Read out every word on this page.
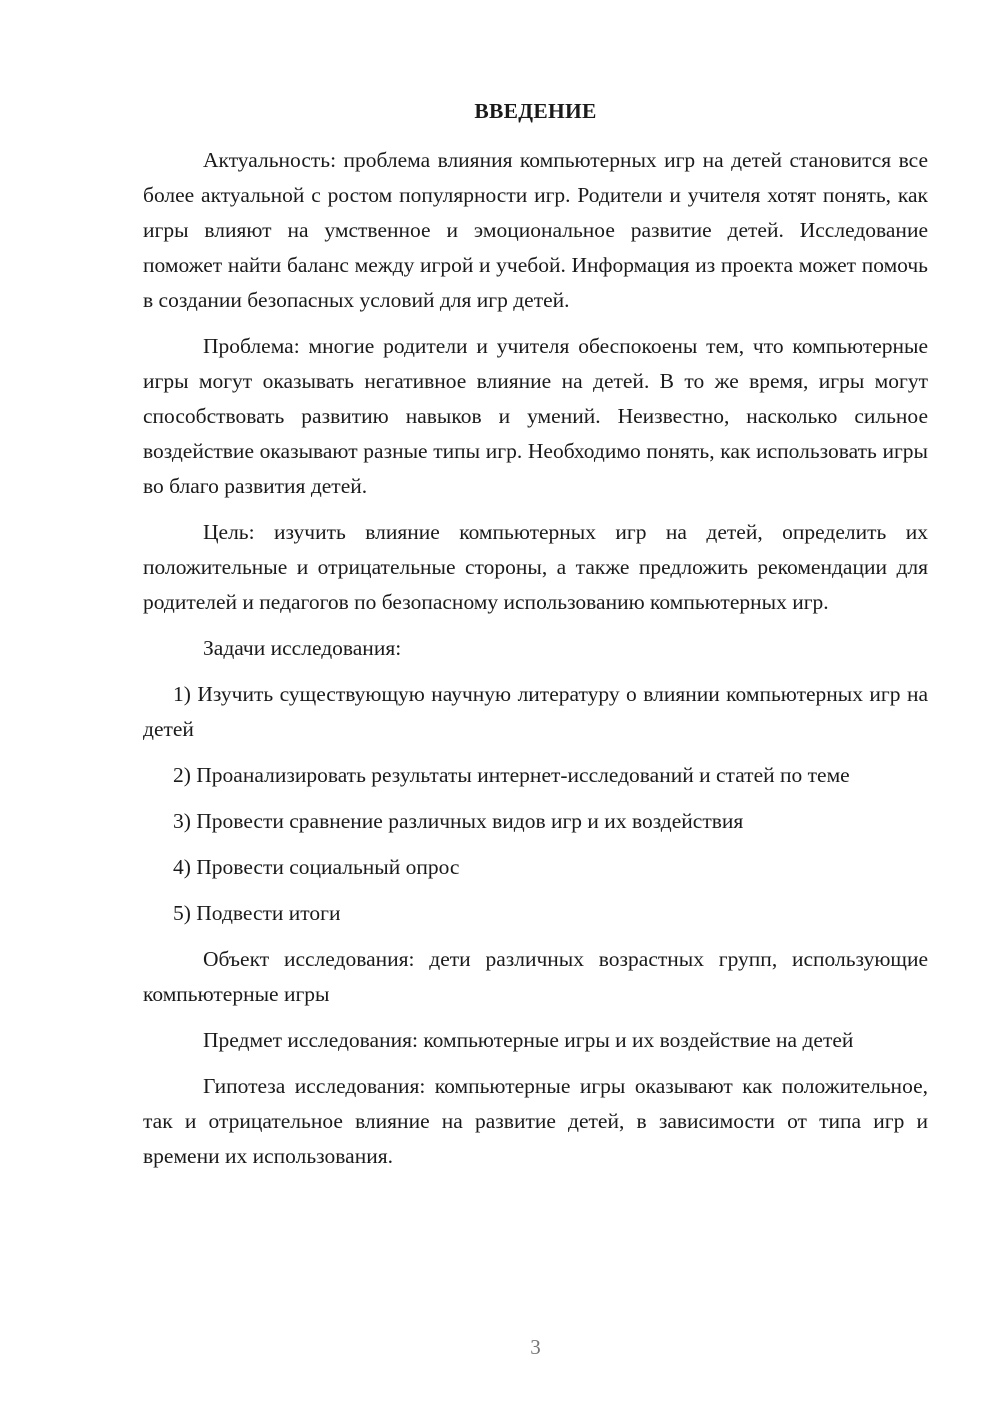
ВВЕДЕНИЕ

Актуальность: проблема влияния компьютерных игр на детей становится все более актуальной с ростом популярности игр. Родители и учителя хотят понять, как игры влияют на умственное и эмоциональное развитие детей. Исследование поможет найти баланс между игрой и учебой. Информация из проекта может помочь в создании безопасных условий для игр детей.

Проблема: многие родители и учителя обеспокоены тем, что компьютерные игры могут оказывать негативное влияние на детей. В то же время, игры могут способствовать развитию навыков и умений. Неизвестно, насколько сильное воздействие оказывают разные типы игр. Необходимо понять, как использовать игры во благо развития детей.

Цель: изучить влияние компьютерных игр на детей, определить их положительные и отрицательные стороны, а также предложить рекомендации для родителей и педагогов по безопасному использованию компьютерных игр.

Задачи исследования:

1) Изучить существующую научную литературу о влиянии компьютерных игр на детей

2) Проанализировать результаты интернет-исследований и статей по теме

3) Провести сравнение различных видов игр и их воздействия

4) Провести социальный опрос

5) Подвести итоги

Объект исследования: дети различных возрастных групп, использующие компьютерные игры

Предмет исследования: компьютерные игры и их воздействие на детей

Гипотеза исследования: компьютерные игры оказывают как положительное, так и отрицательное влияние на развитие детей, в зависимости от типа игр и времени их использования.

3
